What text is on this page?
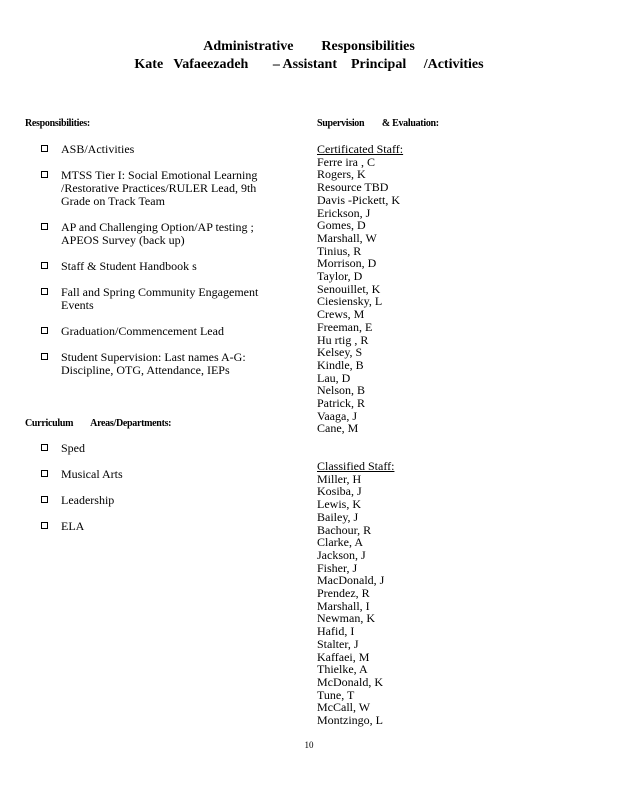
Administrative        Responsibilities
Kate   Vafaeezadeh       – Assistant    Principal     /Activities
Responsibilities:
ASB/Activities
MTSS Tier I: Social Emotional Learning /Restorative Practices/RULER Lead, 9th Grade on Track Team
AP and Challenging Option/AP testing ; APEOS Survey (back up)
Staff & Student Handbook s
Fall and Spring Community Engagement Events
Graduation/Commencement Lead
Student Supervision: Last names A-G: Discipline, OTG, Attendance, IEPs
Curriculum        Areas/Departments:
Sped
Musical Arts
Leadership
ELA
Supervision        & Evaluation:
Certificated Staff:
Ferre ira , C
Rogers, K
Resource TBD
Davis -Pickett, K
Erickson, J
Gomes, D
Marshall, W
Tinius, R
Morrison, D
Taylor, D
Senouillet, K
Ciesiensky, L
Crews, M
Freeman, E
Hu rtig , R
Kelsey, S
Kindle, B
Lau, D
Nelson, B
Patrick, R
Vaaga, J
Cane, M
Classified Staff:
Miller, H
Kosiba, J
Lewis, K
Bailey, J
Bachour, R
Clarke, A
Jackson, J
Fisher, J
MacDonald, J
Prendez, R
Marshall, I
Newman, K
Hafid, I
Stalter, J
Kaffaei, M
Thielke, A
McDonald, K
Tune, T
McCall, W
Montzingo, L
10
